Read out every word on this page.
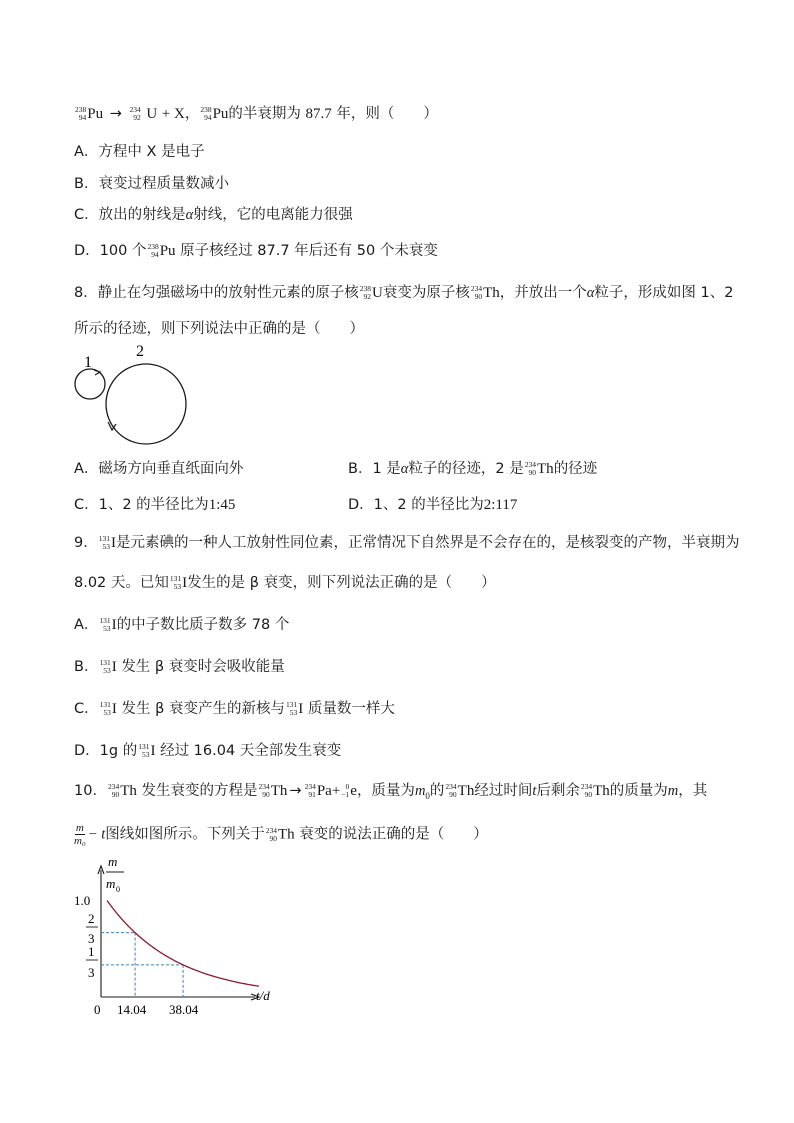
238
94 Pu → 234
92 U + X， 238
94 Pu的半衰期为 87.7 年，则（　　）
A．方程中 X 是电子
B．衰变过程质量数减小
C．放出的射线是α射线，它的电离能力很强
D．100 个 238
94 Pu 原子核经过 87.7 年后还有 50 个未衰变
8．静止在匀强磁场中的放射性元素的原子核 238
92 U衰变为原子核 234
90 Th，并放出一个α粒子，形成如图 1、2
所示的径迹，则下列说法中正确的是（　　）
1
2
A．磁场方向垂直纸面向外	B．1 是α粒子的径迹，2 是 234
90 Th的径迹
C．1、2 的半径比为1:45	D．1、2 的半径比为2:117
9． 131
53 I是元素碘的一种人工放射性同位素，正常情况下自然界是不会存在的，是核裂变的产物，半衰期为
8.02 天。已知 131
53 I发生的是 β 衰变，则下列说法正确的是（　　）
A． 131
53 I的中子数比质子数多 78 个
B． 131
53 I 发生 β 衰变时会吸收能量
C． 131
53 I 发生 β 衰变产生的新核与 131
53 I 质量数一样大
D．1g 的 131
53 I 经过 16.04 天全部发生衰变
10． 234
90 Th 发生衰变的方程是 234
90 Th → 234
91 Pa+ 0
−1 e，质量为$m_0$的 234
90 Th经过时间t后剩余 234
90 Th的质量为m，其
$\frac{m}{\text{m₀}} - t$图线如图所示。下列关于 234
90 Th 衰变的说法正确的是（　　）
m
m 0
t/d
1.0
2
3
1
3
0 14.04 38.04
